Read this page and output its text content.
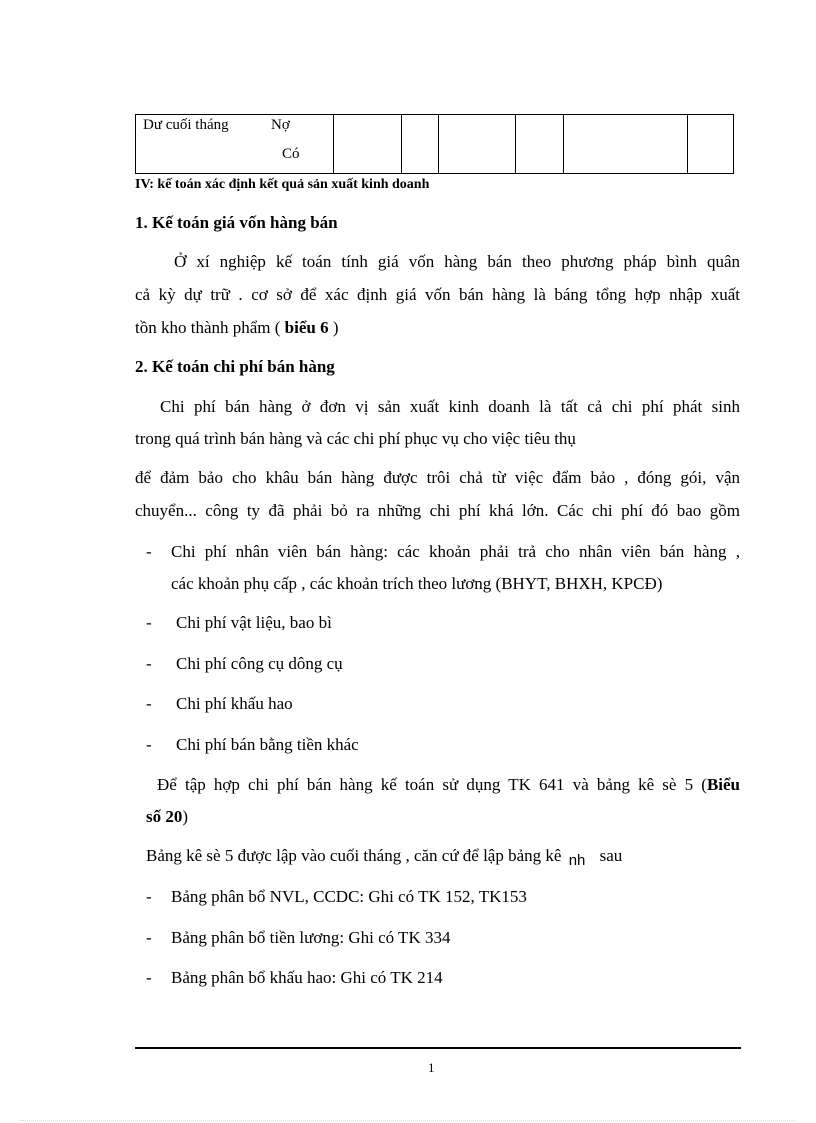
Dư cuối tháng	Nợ
Có
IV: kế toán xác định kết quả sản xuất kinh doanh
1. Kế toán giá vốn hàng bán
Ở xí nghiệp kế toán tính giá vốn hàng bán theo phương pháp bình quân
cả kỳ dự trữ . cơ sở để xác định giá vốn bán hàng là báng tổng hợp nhập xuất
tồn kho thành phẩm ( biểu 6 )
2. Kế toán chi phí bán hàng
Chi phí bán hàng ở đơn vị sản xuất kinh doanh là tất cả chi phí phát sinh
trong quá trình bán hàng và các chi phí phục vụ cho việc tiêu thụ
để đảm bảo cho khâu bán hàng được trôi chả từ việc đẩm bảo , đóng gói, vận
chuyển... công ty đã phải bỏ ra những chi phí khá lớn. Các chi phí đó bao gồm
- Chi phí nhân viên bán hàng: các khoản phải trả cho nhân viên bán hàng ,
các khoản phụ cấp , các khoản trích theo lương (BHYT, BHXH, KPCĐ)
- Chi phí vật liệu, bao bì
- Chi phí công cụ dông cụ
- Chi phí khấu hao
- Chi phí bán bằng tiền khác
Để tập hợp chi phí bán hàng kế toán sử dụng TK 641 và bảng kê sè 5 (Biểu
số 20)
Bảng kê sè 5 được lập vào cuối tháng , căn cứ để lập bảng kê nh sau
- Bảng phân bổ NVL, CCDC: Ghi có TK 152, TK153
- Bảng phân bổ tiền lương: Ghi có TK 334
- Bảng phân bổ khấu hao: Ghi có TK 214
1
